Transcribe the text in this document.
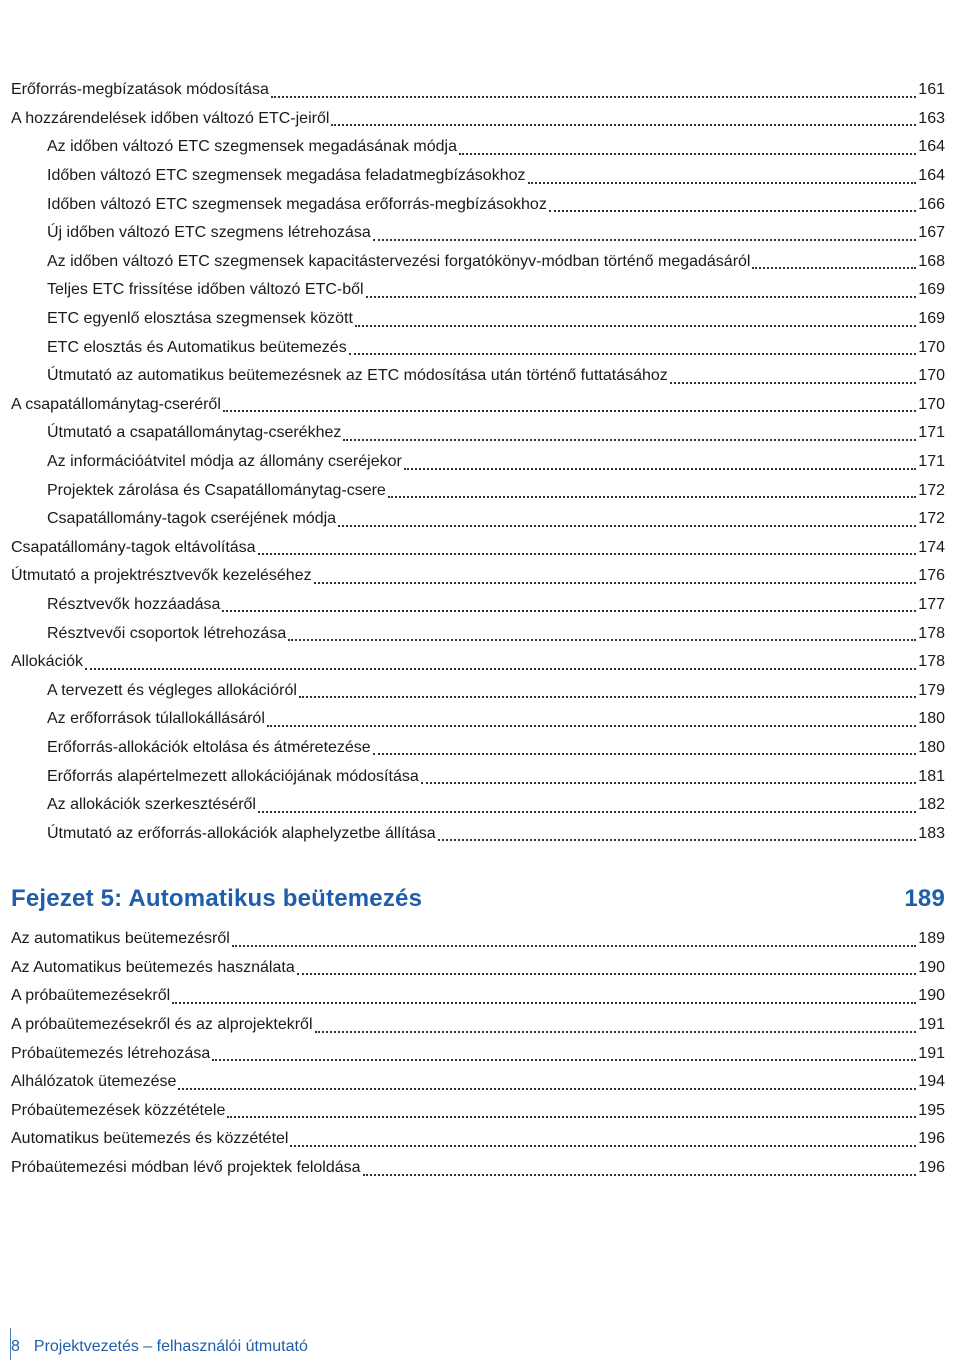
Erőforrás-megbízatások módosítása	161
A hozzárendelések időben változó ETC-jeiről	163
Az időben változó ETC szegmensek megadásának módja	164
Időben változó ETC szegmensek megadása feladatmegbízásokhoz	164
Időben változó ETC szegmensek megadása erőforrás-megbízásokhoz	166
Új időben változó ETC szegmens létrehozása	167
Az időben változó ETC szegmensek kapacitástervezési forgatókönyv-módban történő megadásáról	168
Teljes ETC frissítése időben változó ETC-ből	169
ETC egyenlő elosztása szegmensek között	169
ETC elosztás és Automatikus beütemezés	170
Útmutató az automatikus beütemezésnek az ETC módosítása után történő futtatásához	170
A csapatállománytag-cseréről	170
Útmutató a csapatállománytag-cserékhez	171
Az információátvitel módja az állomány cseréjekor	171
Projektek zárolása és Csapatállománytag-csere	172
Csapatállomány-tagok cseréjének módja	172
Csapatállomány-tagok eltávolítása	174
Útmutató a projektrésztvevők kezeléséhez	176
Résztvevők hozzáadása	177
Résztvevői csoportok létrehozása	178
Allokációk	178
A tervezett és végleges allokációról	179
Az erőforrások túlallokállásáról	180
Erőforrás-allokációk eltolása és átméretezése	180
Erőforrás alapértelmezett allokációjának módosítása	181
Az allokációk szerkesztéséről	182
Útmutató az erőforrás-allokációk alaphelyzetbe állítása	183
Fejezet 5: Automatikus beütemezés	189
Az automatikus beütemezésről	189
Az Automatikus beütemezés használata	190
A próbaütemezésekről	190
A próbaütemezésekről és az alprojektekről	191
Próbaütemezés létrehozása	191
Alhálózatok ütemezése	194
Próbaütemezések közzététele	195
Automatikus beütemezés és közzététel	196
Próbaütemezési módban lévő projektek feloldása	196
8 Projektvezetés – felhasználói útmutató
